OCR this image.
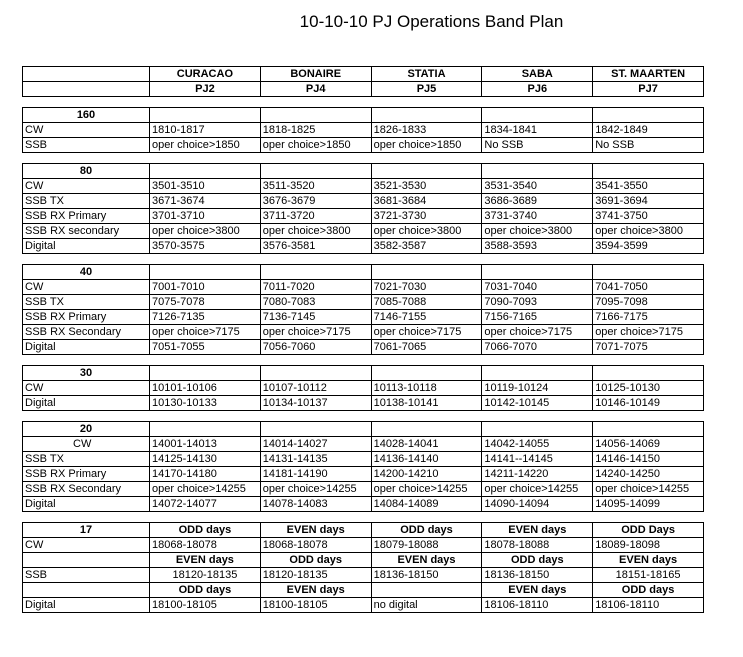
10-10-10 PJ Operations Band Plan
	CURACAO	BONAIRE	STATIA	SABA	ST. MAARTEN
	PJ2	PJ4	PJ5	PJ6	PJ7

160					
CW	1810-1817	1818-1825	1826-1833	1834-1841	1842-1849
SSB	oper choice>1850	oper choice>1850	oper choice>1850	No SSB	No SSB

80					
CW	3501-3510	3511-3520	3521-3530	3531-3540	3541-3550
SSB TX	3671-3674	3676-3679	3681-3684	3686-3689	3691-3694
SSB RX Primary	3701-3710	3711-3720	3721-3730	3731-3740	3741-3750
SSB RX secondary	oper choice>3800	oper choice>3800	oper choice>3800	oper choice>3800	oper choice>3800
Digital	3570-3575	3576-3581	3582-3587	3588-3593	3594-3599

40					
CW	7001-7010	7011-7020	7021-7030	7031-7040	7041-7050
SSB TX	7075-7078	7080-7083	7085-7088	7090-7093	7095-7098
SSB RX Primary	7126-7135	7136-7145	7146-7155	7156-7165	7166-7175
SSB RX Secondary	oper choice>7175	oper choice>7175	oper choice>7175	oper choice>7175	oper choice>7175
Digital	7051-7055	7056-7060	7061-7065	7066-7070	7071-7075

30					
CW	10101-10106	10107-10112	10113-10118	10119-10124	10125-10130
Digital	10130-10133	10134-10137	10138-10141	10142-10145	10146-10149

20					
CW	14001-14013	14014-14027	14028-14041	14042-14055	14056-14069
SSB TX	14125-14130	14131-14135	14136-14140	14141--14145	14146-14150
SSB RX Primary	14170-14180	14181-14190	14200-14210	14211-14220	14240-14250
SSB RX Secondary	oper choice>14255	oper choice>14255	oper choice>14255	oper choice>14255	oper choice>14255
Digital	14072-14077	14078-14083	14084-14089	14090-14094	14095-14099

17	ODD days	EVEN days	ODD days	EVEN days	ODD Days
CW	18068-18078	18068-18078	18079-18088	18078-18088	18089-18098
	EVEN days	ODD days	EVEN days	ODD days	EVEN days
SSB	18120-18135	18120-18135	18136-18150	18136-18150	18151-18165
	ODD days	EVEN days		EVEN days	ODD days
Digital	18100-18105	18100-18105	no digital	18106-18110	18106-18110
